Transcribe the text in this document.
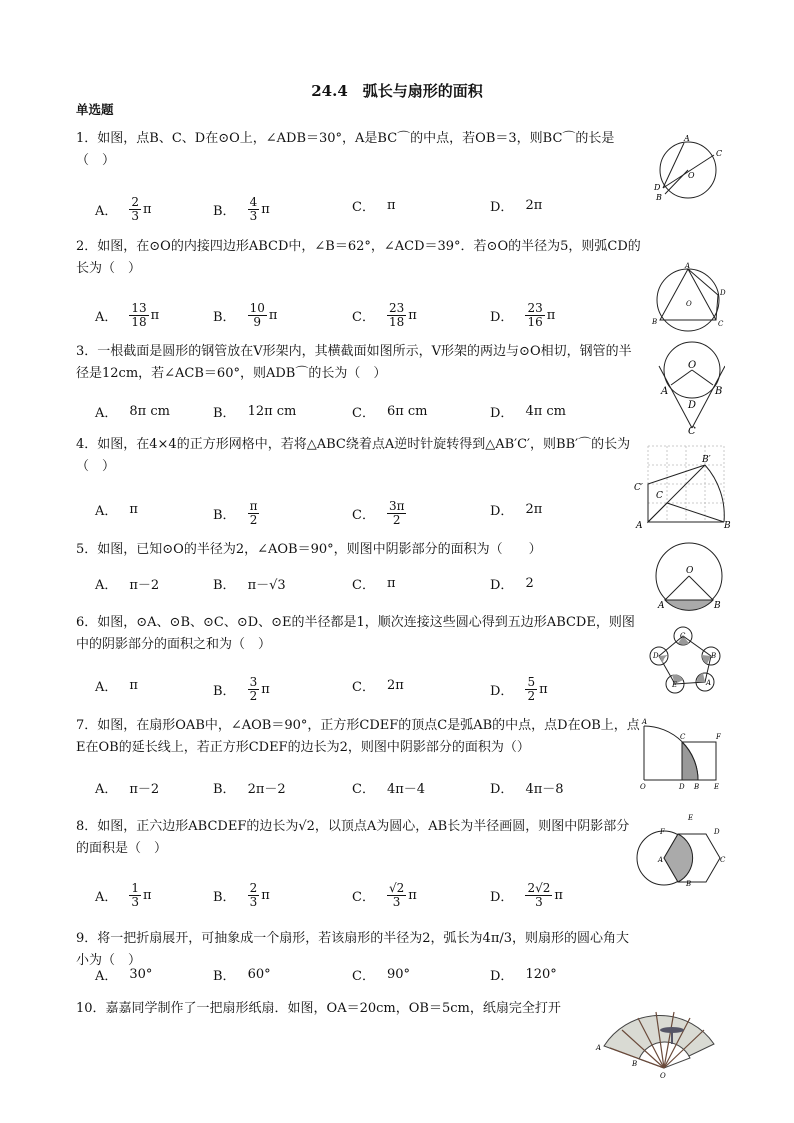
24.4　弧长与扇形的面积
单选题
1．如图，点B、C、D在⊙O上，∠ADB＝30°，A是BC⌒的中点，若OB＝3，则BC⌒的长是（　）
A． $\frac{2}{3}$ π	B． $\frac{4}{3}$ π	C． π	D． 2π
2．如图，在⊙O的内接四边形ABCD中，∠B＝62°，∠ACD＝39°．若⊙O的半径为5，则弧CD的长为（　）
A． $\frac{13}{18}$ π	B． $\frac{10}{9}$ π	C． $\frac{23}{18}$ π	D． $\frac{23}{16}$ π
3．一根截面是圆形的钢管放在V形架内，其横截面如图所示，V形架的两边与⊙O相切，钢管的半径是12cm，若∠ACB＝60°，则ADB⌒的长为（　）
A． 8π cm	B． 12π cm	C． 6π cm	D． 4π cm
4．如图，在4×4的正方形网格中，若将△ABC绕着点A逆时针旋转得到△AB′C′，则BB′⌒的长为（　）
A． π	B． $\frac{\pi}{2}$	C． $\frac{3\pi}{2}$	D． 2π
5．如图，已知⊙O的半径为2，∠AOB＝90°，则图中阴影部分的面积为（　　）
A． π－2	B． π－√3	C． π	D． 2
6．如图，⊙A、⊙B、⊙C、⊙D、⊙E的半径都是1，顺次连接这些圆心得到五边形ABCDE，则图中的阴影部分的面积之和为（　）
A． π	B． $\frac{3}{2}$ π	C． 2π	D． $\frac{5}{2}$ π
7．如图，在扇形OAB中，∠AOB＝90°，正方形CDEF的顶点C是弧AB的中点，点D在OB上，点E在OB的延长线上，若正方形CDEF的边长为2，则图中阴影部分的面积为（）
A． π－2	B． 2π－2	C． 4π－4	D． 4π－8
8．如图，正六边形ABCDEF的边长为√2，以顶点A为圆心，AB长为半径画圆，则图中阴影部分的面积是（　）
A． $\frac{1}{3}$ π	B． $\frac{2}{3}$ π	C． $\frac{√2}{3}$ π	D． $\frac{2√2}{3}$ π
9．将一把折扇展开，可抽象成一个扇形，若该扇形的半径为2，弧长为4π/3，则扇形的圆心角大小为（　）
A． 30°	B． 60°	C． 90°	D． 120°
10．嘉嘉同学制作了一把扇形纸扇．如图，OA＝20cm，OB＝5cm，纸扇完全打开
A
C
O
B
D
A
D
O
B	C
O
A	B
D
C
B′
C′
C
A	B
O
A	B
C
D	B
E	A
A
C	F
O	D B E
E
F	D
A	C
B
A
B
O
